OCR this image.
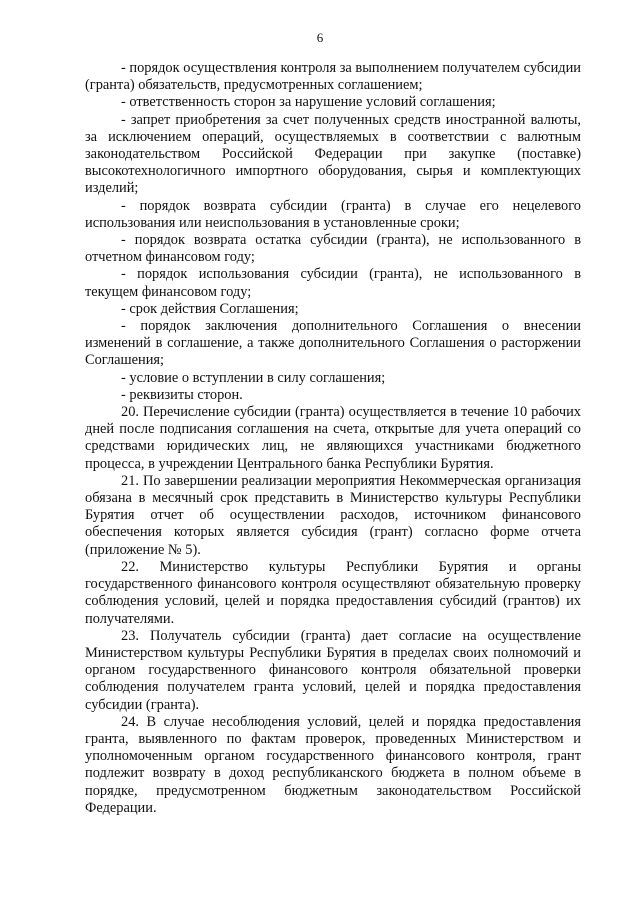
6

- порядок осуществления контроля за выполнением получателем субсидии (гранта) обязательств, предусмотренных соглашением;

- ответственность сторон за нарушение условий соглашения;

- запрет приобретения за счет полученных средств иностранной валюты, за исключением операций, осуществляемых в соответствии с валютным законодательством Российской Федерации при закупке (поставке) высокотехнологичного импортного оборудования, сырья и комплектующих изделий;

- порядок возврата субсидии (гранта) в случае его нецелевого использования или неиспользования в установленные сроки;

- порядок возврата остатка субсидии (гранта), не использованного в отчетном финансовом году;

- порядок использования субсидии (гранта), не использованного в текущем финансовом году;

- срок действия Соглашения;

- порядок заключения дополнительного Соглашения о внесении изменений в соглашение, а также дополнительного Соглашения о расторжении Соглашения;

- условие о вступлении в силу соглашения;

- реквизиты сторон.

20. Перечисление субсидии (гранта) осуществляется в течение 10 рабочих дней после подписания соглашения на счета, открытые для учета операций со средствами юридических лиц, не являющихся участниками бюджетного процесса, в учреждении Центрального банка Республики Бурятия.

21. По завершении реализации мероприятия Некоммерческая организация обязана в месячный срок представить в Министерство культуры Республики Бурятия отчет об осуществлении расходов, источником финансового обеспечения которых является субсидия (грант) согласно форме отчета (приложение № 5).

22. Министерство культуры Республики Бурятия и органы государственного финансового контроля осуществляют обязательную проверку соблюдения условий, целей и порядка предоставления субсидий (грантов) их получателями.

23. Получатель субсидии (гранта) дает согласие на осуществление Министерством культуры Республики Бурятия в пределах своих полномочий и органом государственного финансового контроля обязательной проверки соблюдения получателем гранта условий, целей и порядка предоставления субсидии (гранта).

24. В случае несоблюдения условий, целей и порядка предоставления гранта, выявленного по фактам проверок, проведенных Министерством и уполномоченным органом государственного финансового контроля, грант подлежит возврату в доход республиканского бюджета в полном объеме в порядке, предусмотренном бюджетным законодательством Российской Федерации.
